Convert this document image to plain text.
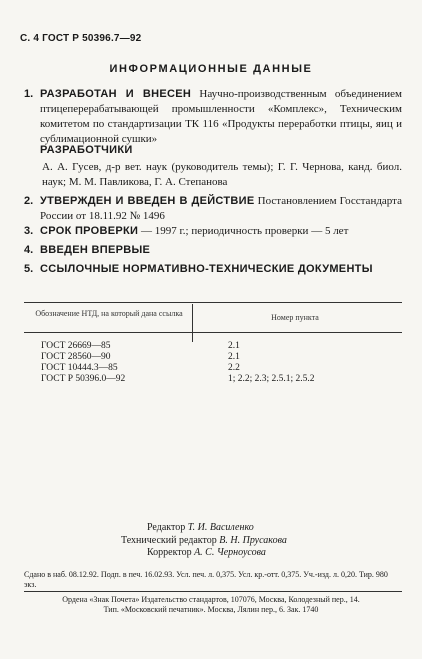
С. 4 ГОСТ Р 50396.7—92
ИНФОРМАЦИОННЫЕ ДАННЫЕ
1. РАЗРАБОТАН И ВНЕСЕН Научно-производственным объединением птицеперерабатывающей промышленности «Комплекс», Техническим комитетом по стандартизации ТК 116 «Продукты переработки птицы, яиц и сублимационной сушки»
РАЗРАБОТЧИКИ
А. А. Гусев, д-р вет. наук (руководитель темы); Г. Г. Чернова, канд. биол. наук; М. М. Павликова, Г. А. Степанова
2. УТВЕРЖДЕН И ВВЕДЕН В ДЕЙСТВИЕ Постановлением Госстандарта России от 18.11.92 № 1496
3. СРОК ПРОВЕРКИ — 1997 г.; периодичность проверки — 5 лет
4. ВВЕДЕН ВПЕРВЫЕ
5. ССЫЛОЧНЫЕ НОРМАТИВНО-ТЕХНИЧЕСКИЕ ДОКУМЕНТЫ
Обозначение НТД, на который дана ссылка	Номер пункта
ГОСТ 26669—85	2.1
ГОСТ 28560—90	2.1
ГОСТ 10444.3—85	2.2
ГОСТ Р 50396.0—92	1; 2.2; 2.3; 2.5.1; 2.5.2
Редактор Т. И. Василенко
Технический редактор В. Н. Прусакова
Корректор А. С. Черноусова
Сдано в наб. 08.12.92. Подп. в печ. 16.02.93. Усл. печ. л. 0,375. Усл. кр.-отт. 0,375. Уч.-изд. л. 0,20. Тир. 980 экз.
Ордена «Знак Почета» Издательство стандартов, 107076, Москва, Колодезный пер., 14.
Тип. «Московский печатник». Москва, Лялин пер., 6. Зак. 1740
